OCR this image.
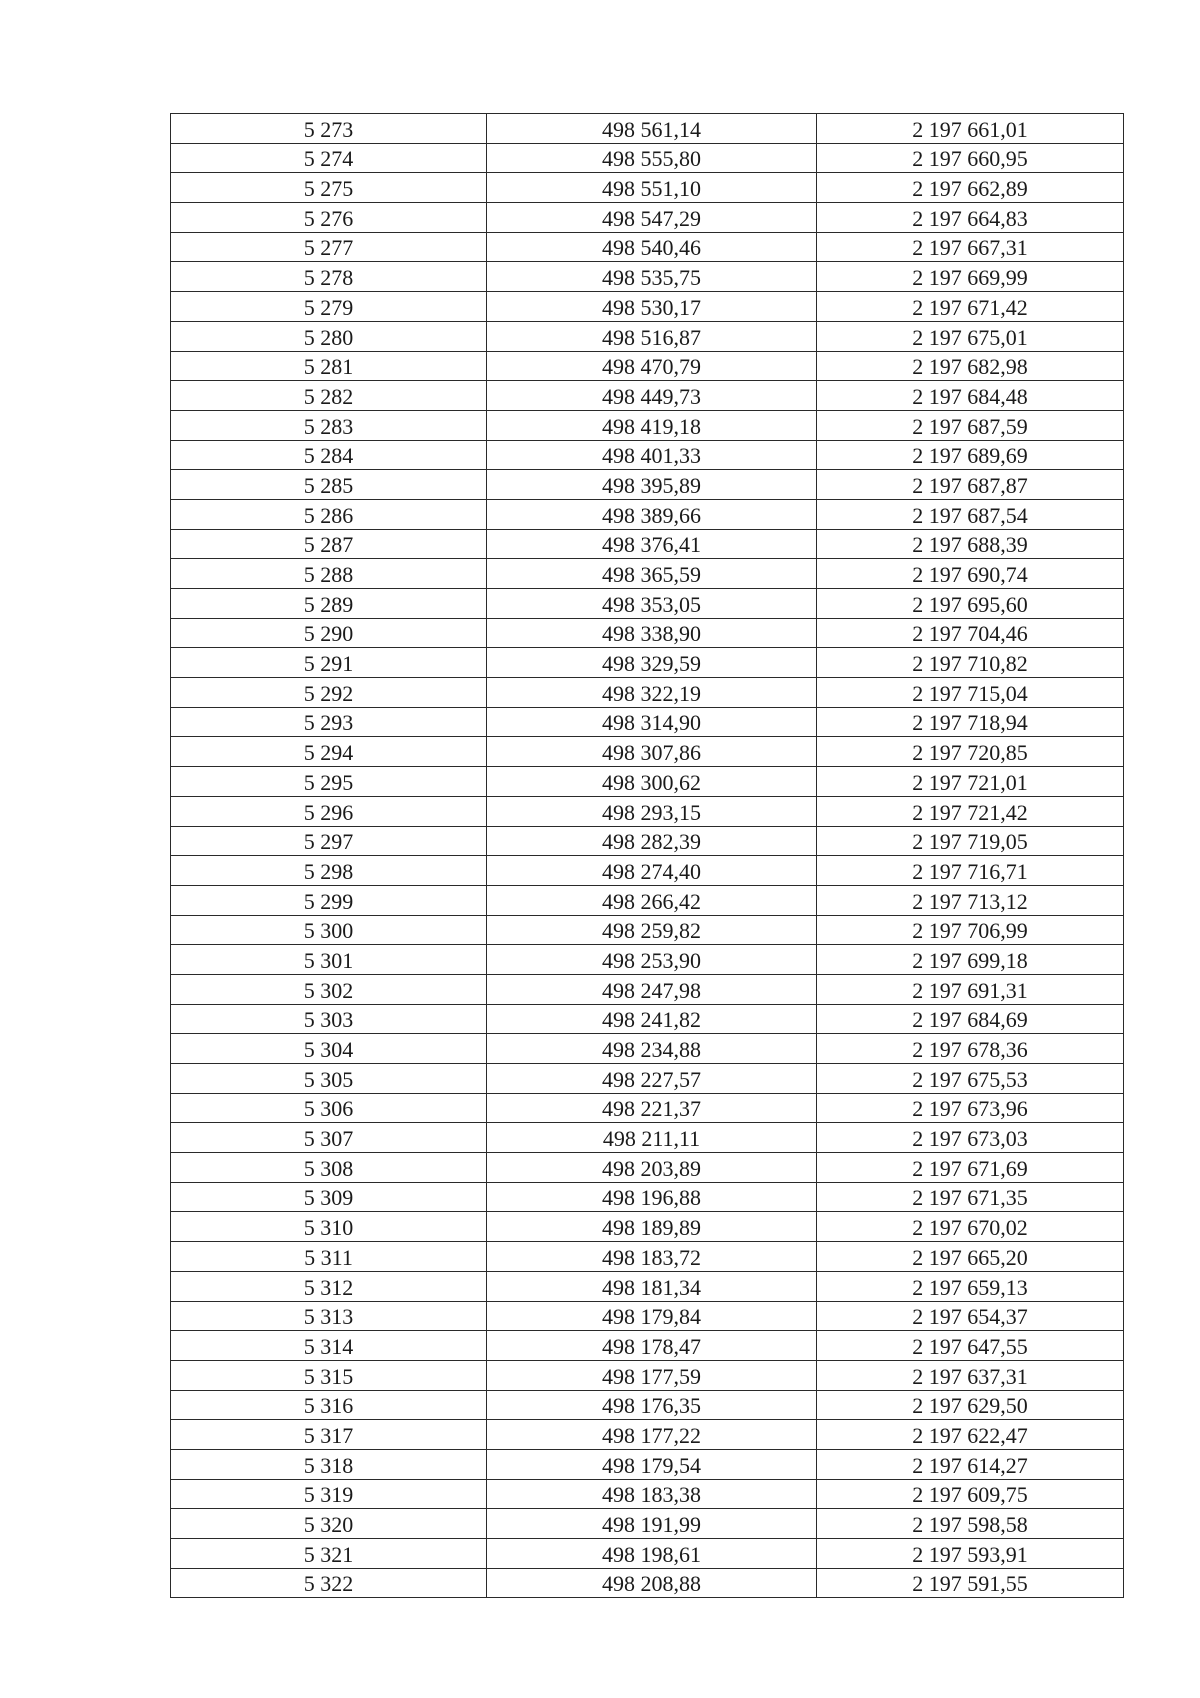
5 273	498 561,14	2 197 661,01
5 274	498 555,80	2 197 660,95
5 275	498 551,10	2 197 662,89
5 276	498 547,29	2 197 664,83
5 277	498 540,46	2 197 667,31
5 278	498 535,75	2 197 669,99
5 279	498 530,17	2 197 671,42
5 280	498 516,87	2 197 675,01
5 281	498 470,79	2 197 682,98
5 282	498 449,73	2 197 684,48
5 283	498 419,18	2 197 687,59
5 284	498 401,33	2 197 689,69
5 285	498 395,89	2 197 687,87
5 286	498 389,66	2 197 687,54
5 287	498 376,41	2 197 688,39
5 288	498 365,59	2 197 690,74
5 289	498 353,05	2 197 695,60
5 290	498 338,90	2 197 704,46
5 291	498 329,59	2 197 710,82
5 292	498 322,19	2 197 715,04
5 293	498 314,90	2 197 718,94
5 294	498 307,86	2 197 720,85
5 295	498 300,62	2 197 721,01
5 296	498 293,15	2 197 721,42
5 297	498 282,39	2 197 719,05
5 298	498 274,40	2 197 716,71
5 299	498 266,42	2 197 713,12
5 300	498 259,82	2 197 706,99
5 301	498 253,90	2 197 699,18
5 302	498 247,98	2 197 691,31
5 303	498 241,82	2 197 684,69
5 304	498 234,88	2 197 678,36
5 305	498 227,57	2 197 675,53
5 306	498 221,37	2 197 673,96
5 307	498 211,11	2 197 673,03
5 308	498 203,89	2 197 671,69
5 309	498 196,88	2 197 671,35
5 310	498 189,89	2 197 670,02
5 311	498 183,72	2 197 665,20
5 312	498 181,34	2 197 659,13
5 313	498 179,84	2 197 654,37
5 314	498 178,47	2 197 647,55
5 315	498 177,59	2 197 637,31
5 316	498 176,35	2 197 629,50
5 317	498 177,22	2 197 622,47
5 318	498 179,54	2 197 614,27
5 319	498 183,38	2 197 609,75
5 320	498 191,99	2 197 598,58
5 321	498 198,61	2 197 593,91
5 322	498 208,88	2 197 591,55
